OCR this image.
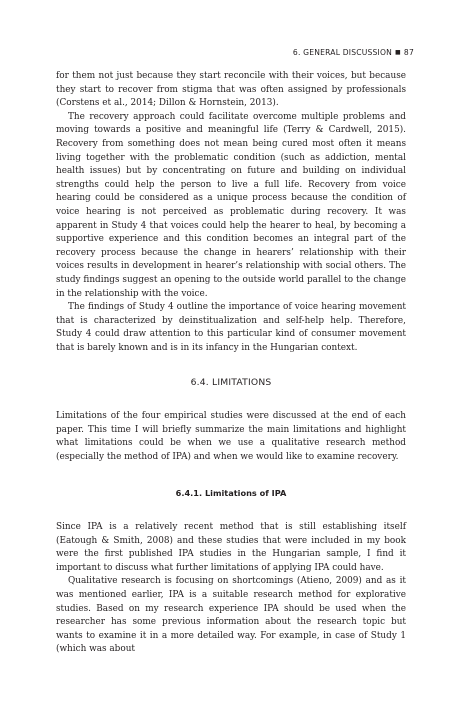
6. GENERAL DISCUSSION ■ 87

for them not just because they start reconcile with their voices, but because they start to recover from stigma that was often assigned by professionals (Corstens et al., 2014; Dillon & Hornstein, 2013).

The recovery approach could facilitate overcome multiple problems and moving towards a positive and meaningful life (Terry & Cardwell, 2015). Recovery from something does not mean being cured most often it means living together with the problematic condition (such as addiction, mental health issues) but by concentrating on future and building on individual strengths could help the person to live a full life. Recovery from voice hearing could be considered as a unique process because the condition of voice hearing is not perceived as problematic during recovery. It was apparent in Study 4 that voices could help the hearer to heal, by becoming a supportive experience and this condition becomes an integral part of the recovery process because the change in hearers’ relationship with their voices results in development in hearer’s relationship with social others. The study findings suggest an opening to the outside world parallel to the change in the relationship with the voice.

The findings of Study 4 outline the importance of voice hearing movement that is characterized by deinstitualization and self-help help. Therefore, Study 4 could draw attention to this particular kind of consumer movement that is barely known and is in its infancy in the Hungarian context.

6.4. LIMITATIONS

Limitations of the four empirical studies were discussed at the end of each paper. This time I will briefly summarize the main limitations and highlight what limitations could be when we use a qualitative research method (especially the method of IPA) and when we would like to examine recovery.

6.4.1. Limitations of IPA

Since IPA is a relatively recent method that is still establishing itself (Eatough & Smith, 2008) and these studies that were included in my book were the first published IPA studies in the Hungarian sample, I find it important to discuss what further limitations of applying IPA could have.

Qualitative research is focusing on shortcomings (Atieno, 2009) and as it was mentioned earlier, IPA is a suitable research method for explorative studies. Based on my research experience IPA should be used when the researcher has some previous information about the research topic but wants to examine it in a more detailed way. For example, in case of Study 1 (which was about
